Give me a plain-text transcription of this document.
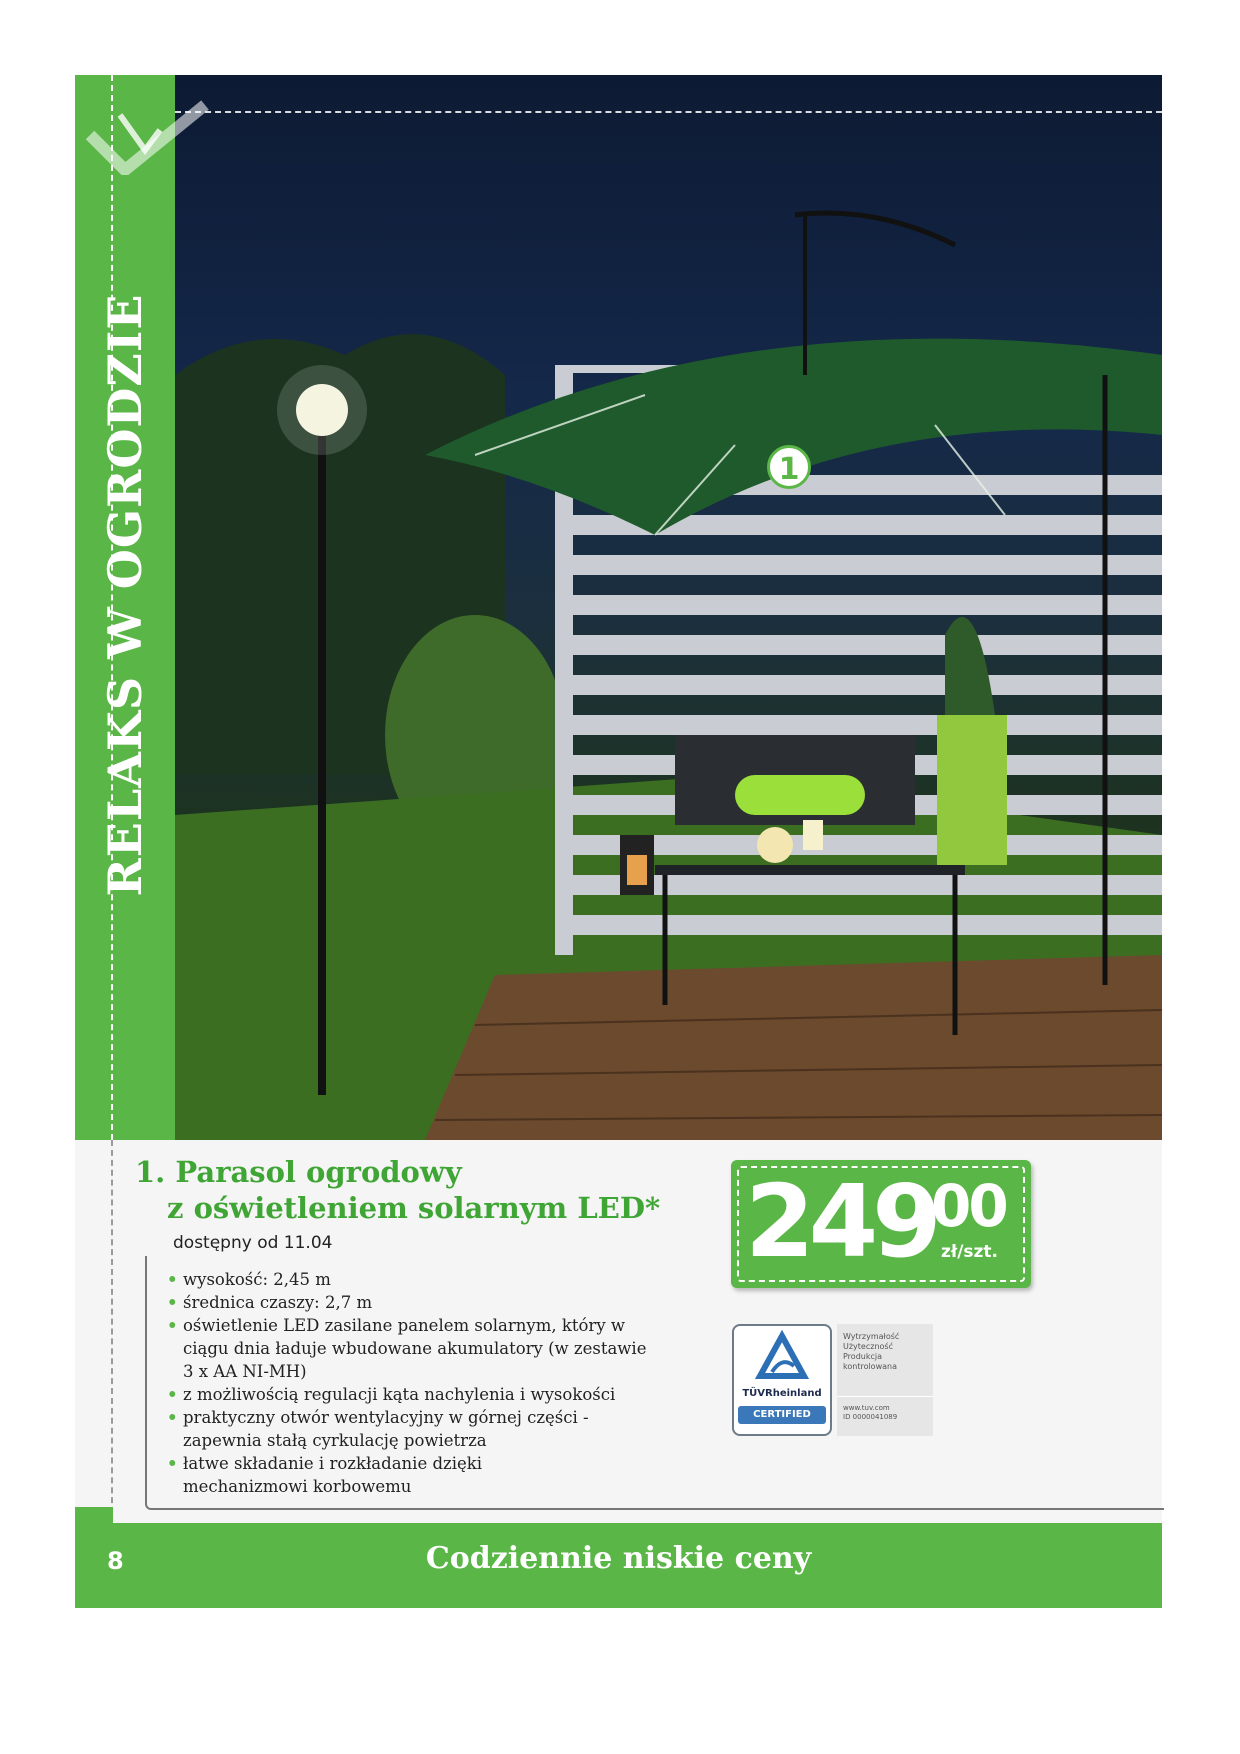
RELAKS W OGRODZIE	1
1. Parasol ogrodowy
z oświetleniem solarnym LED*
dostępny od 11.04
• wysokość: 2,45 m
• średnica czaszy: 2,7 m
• oświetlenie LED zasilane panelem solarnym, który w ciągu dnia ładuje wbudowane akumulatory (w zestawie 3 x AA NI-MH)
• z możliwością regulacji kąta nachylenia i wysokości
• praktyczny otwór wentylacyjny w górnej części - zapewnia stałą cyrkulację powietrza
• łatwe składanie i rozkładanie dzięki mechanizmowi korbowemu
249
00
zł/szt.
TÜVRheinland
CERTIFIED
Wytrzymałość
Użyteczność
Produkcja
kontrolowana
www.tuv.com
ID 0000041089
8	Codziennie niskie ceny
